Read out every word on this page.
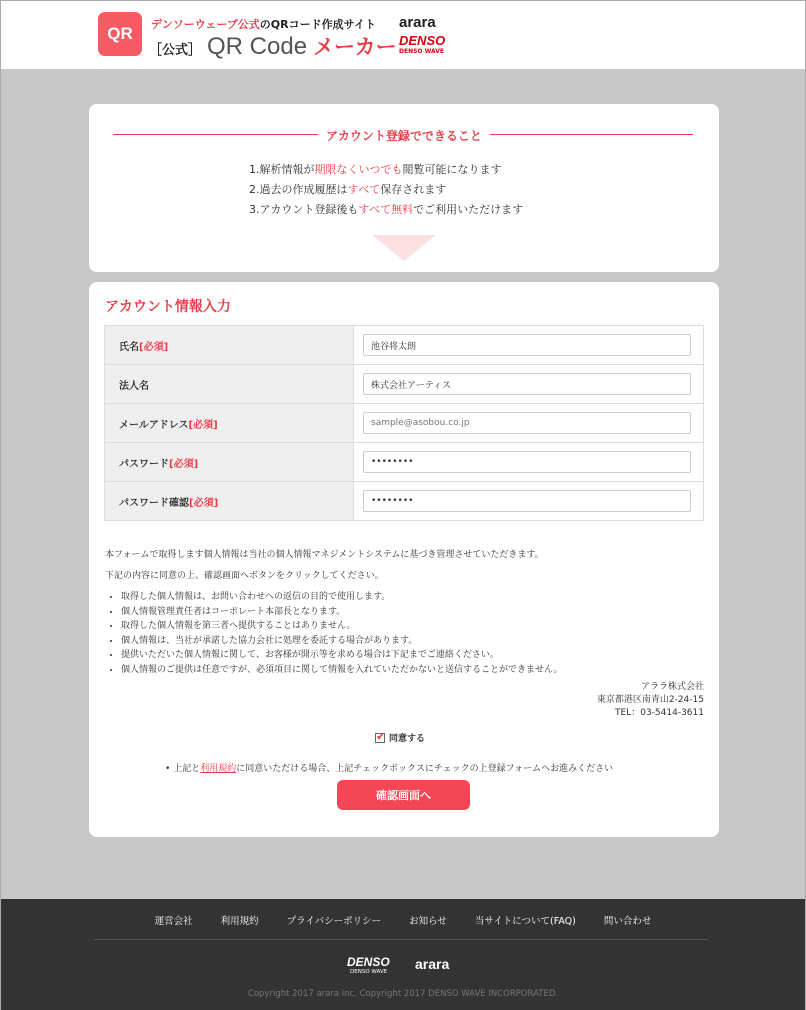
QR デンソーウェーブ公式のQRコード作成サイト
［公式］ QR Code メーカー
arara
DENSO
DENSO WAVE
アカウント登録でできること
1.解析情報が期限なくいつでも閲覧可能になります
2.過去の作成履歴はすべて保存されます
3.アカウント登録後もすべて無料でご利用いただけます
アカウント情報入力
氏名[必須]	池谷将太朗
法人名	株式会社アーティス
メールアドレス[必須]	sample@asobou.co.jp
パスワード[必須]	••••••••
パスワード確認[必須]	••••••••

本フォームで取得します個人情報は当社の個人情報マネジメントシステムに基づき管理させていただきます。

下記の内容に同意の上、確認画面へボタンをクリックしてください。

• 取得した個人情報は、お問い合わせへの返信の目的で使用します。
• 個人情報管理責任者はコーポレート本部長となります。
• 取得した個人情報を第三者へ提供することはありません。
• 個人情報は、当社が承諾した協力会社に処理を委託する場合があります。
• 提供いただいた個人情報に関して、お客様が開示等を求める場合は下記までご連絡ください。
• 個人情報のご提供は任意ですが、必須項目に関して情報を入れていただかないと送信することができません。
アララ株式会社
東京都港区南青山2-24-15
TEL：03-5414-3611
✔
同意する
• 上記と利用規約に同意いただける場合、上記チェックボックスにチェックの上登録フォームへお進みください
確認画面へ
運営会社	利用規約	プライバシーポリシー	お知らせ	当サイトについて(FAQ)	問い合わせ
DENSO
DENSO WAVE arara
Copyright 2017 arara inc. Copyright 2017 DENSO WAVE INCORPORATED.
